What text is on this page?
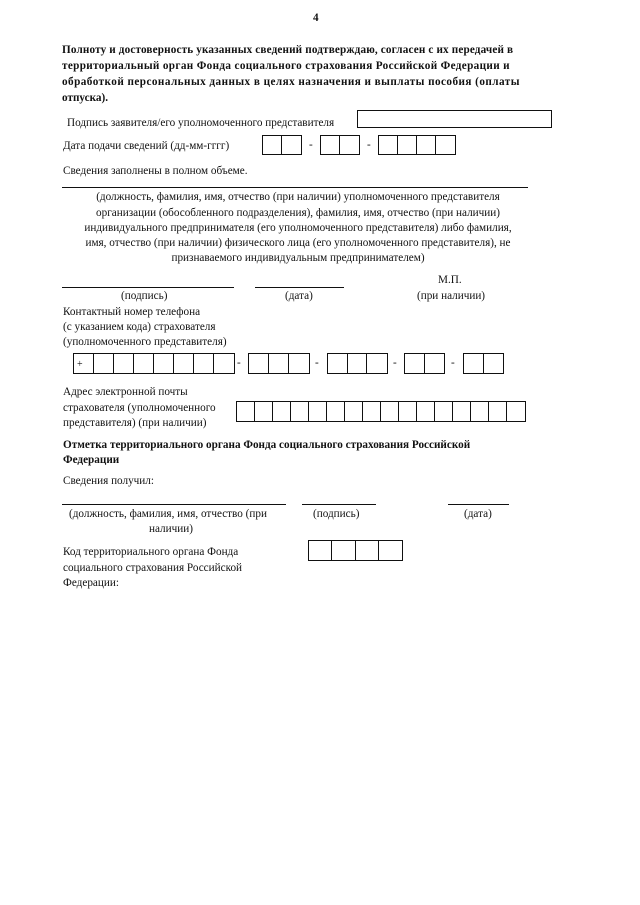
4
Полноту и достоверность указанных сведений подтверждаю, согласен с их передачей в
территориальный орган Фонда социального страхования Российской Федерации и
обработкой персональных данных в целях назначения и выплаты пособия (оплаты
отпуска).
Подпись заявителя/его уполномоченного представителя
Дата подачи сведений (дд-мм-гггг)	-	-
Сведения заполнены в полном объеме.
(должность, фамилия, имя, отчество (при наличии) уполномоченного представителя
организации (обособленного подразделения), фамилия, имя, отчество (при наличии)
индивидуального предпринимателя (его уполномоченного представителя) либо фамилия,
имя, отчество (при наличии) физического лица (его уполномоченного представителя), не
признаваемого индивидуальным предпринимателем)
М.П.
(подпись)	(дата)	(при наличии)
Контактный номер телефона
(с указанием кода) страхователя
(уполномоченного представителя)
+	-	-	-	-
Адрес электронной почты
страхователя (уполномоченного
представителя) (при наличии)
Отметка территориального органа Фонда социального страхования Российской
Федерации
Сведения получил:
(должность, фамилия, имя, отчество (при
наличии)
(подпись)	(дата)
Код территориального органа Фонда
социального страхования Российской
Федерации:
